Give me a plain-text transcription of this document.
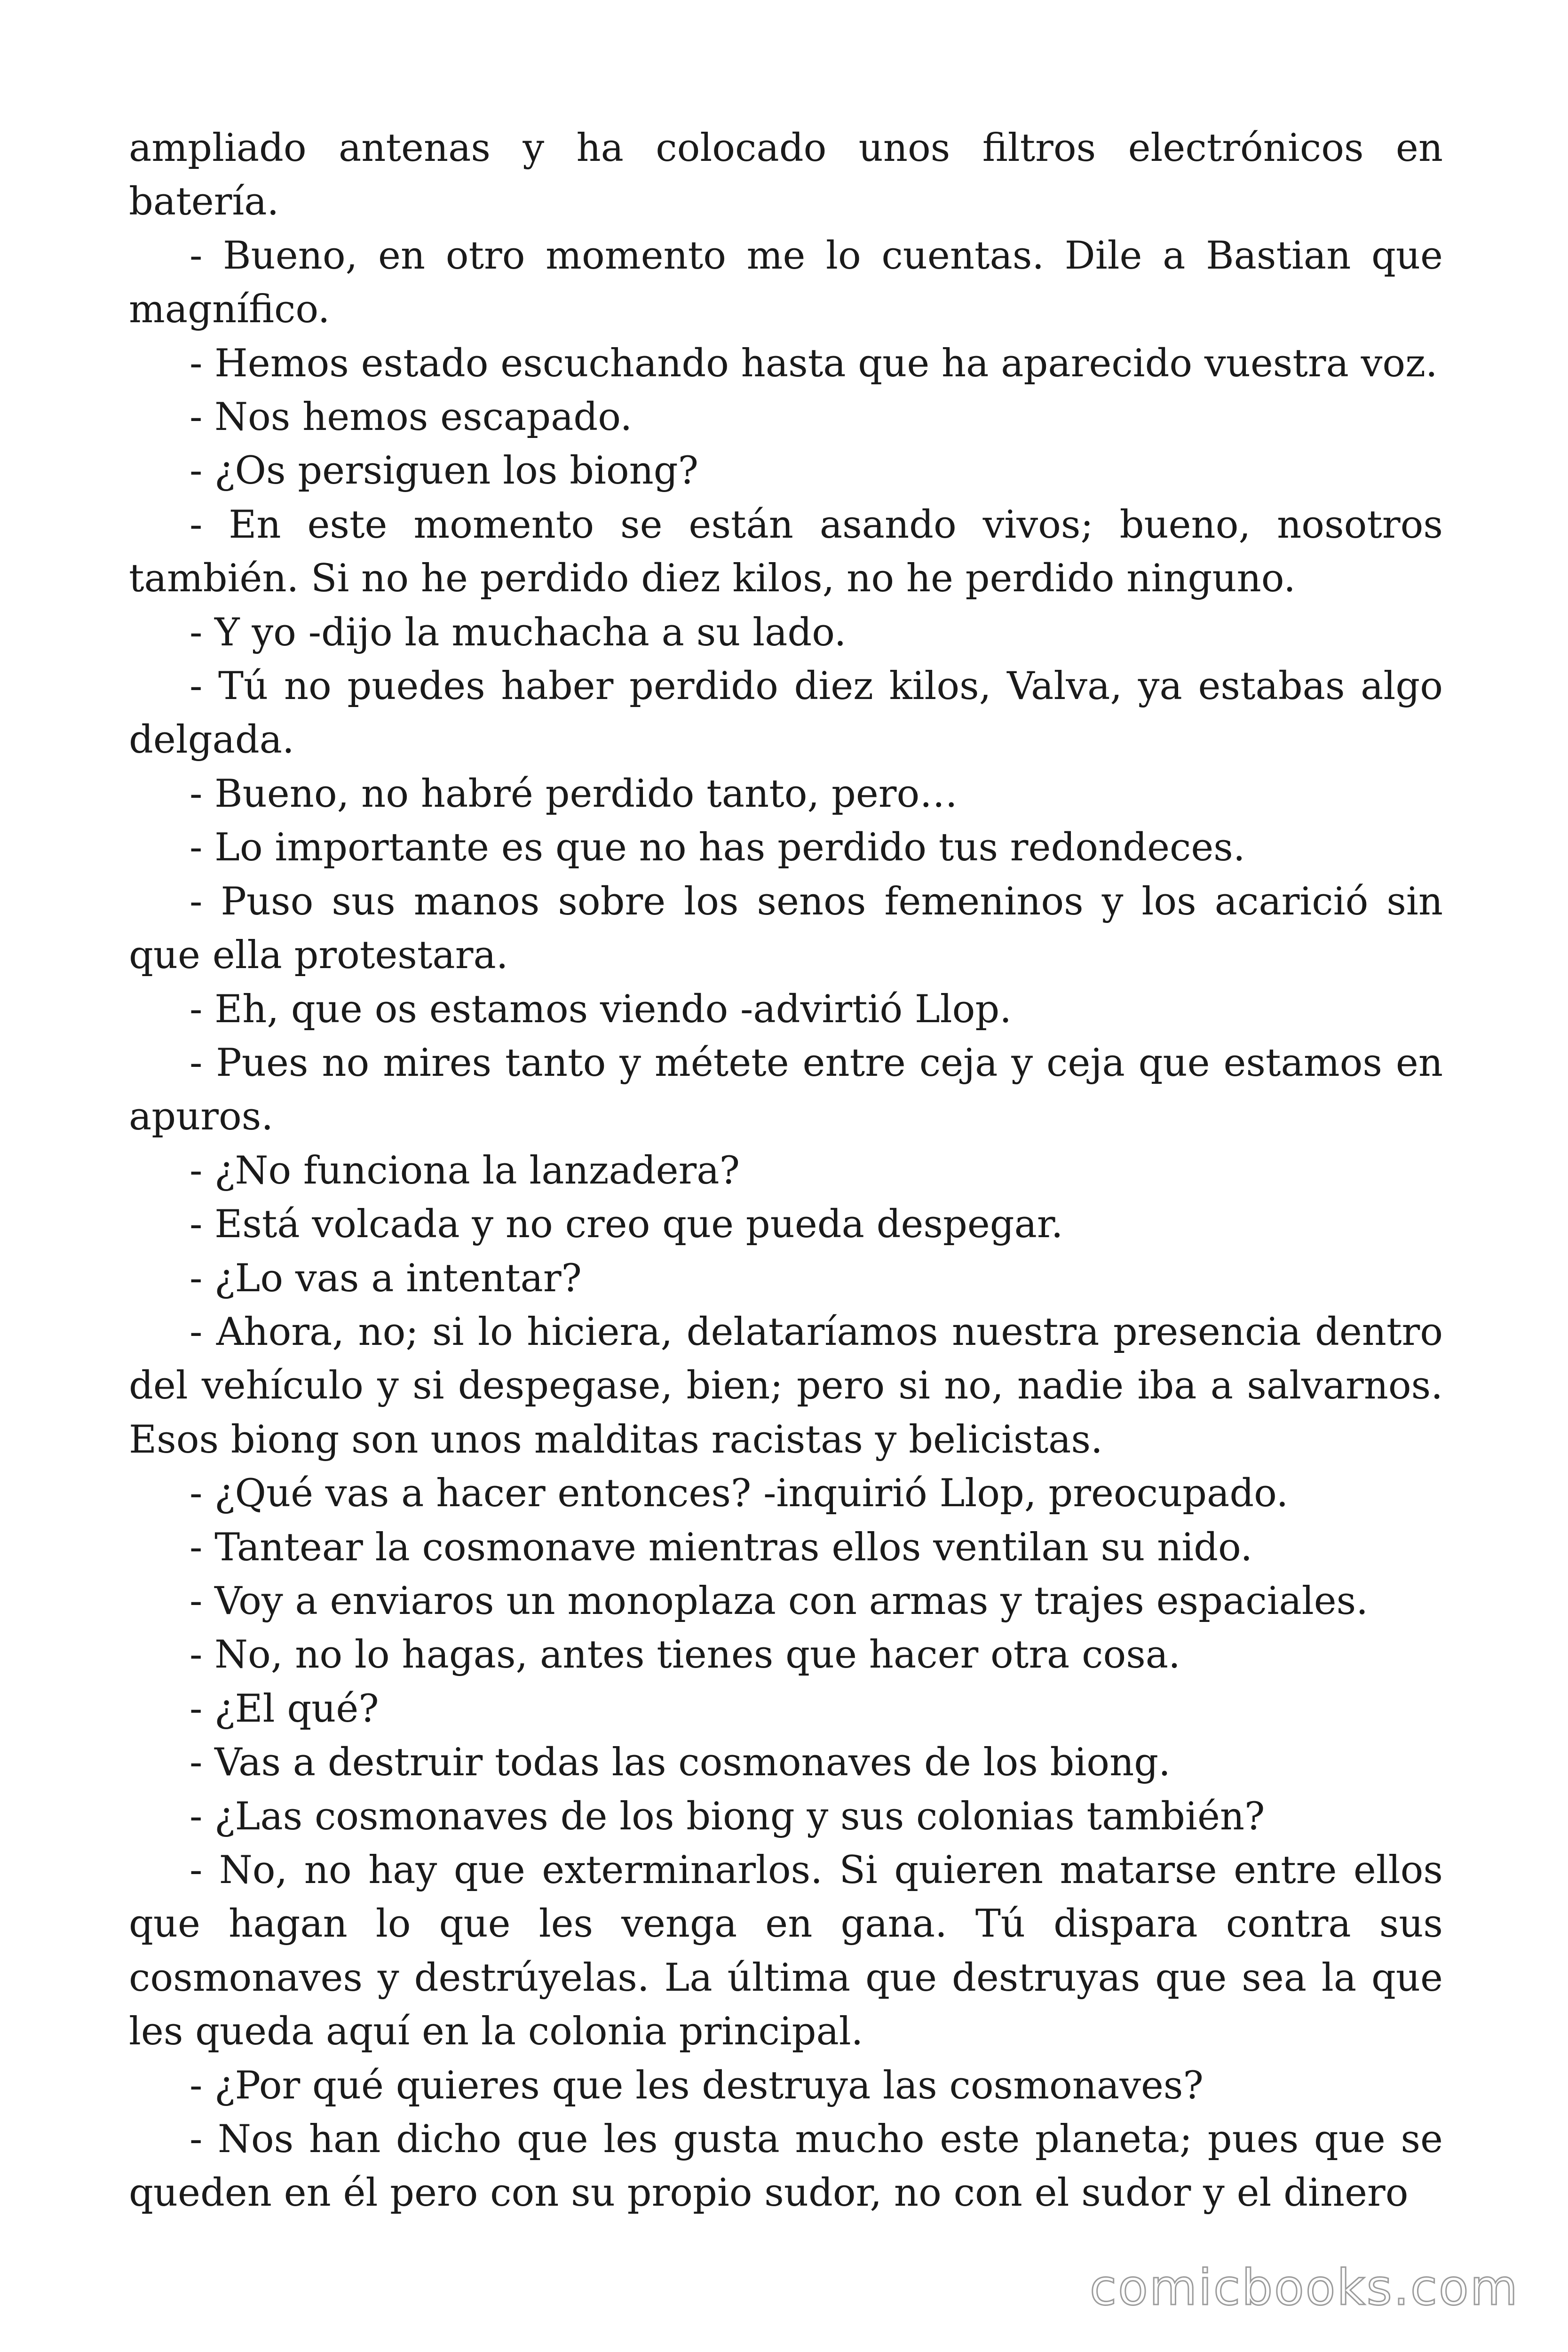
ampliado antenas y ha colocado unos filtros electrónicos en batería.

- Bueno, en otro momento me lo cuentas. Dile a Bastian que magnífico.

- Hemos estado escuchando hasta que ha aparecido vuestra voz.

- Nos hemos escapado.

- ¿Os persiguen los biong?

- En este momento se están asando vivos; bueno, nosotros también. Si no he perdido diez kilos, no he perdido ninguno.

- Y yo -dijo la muchacha a su lado.

- Tú no puedes haber perdido diez kilos, Valva, ya estabas algo delgada.

- Bueno, no habré perdido tanto, pero…

- Lo importante es que no has perdido tus redondeces.

- Puso sus manos sobre los senos femeninos y los acarició sin que ella protestara.

- Eh, que os estamos viendo -advirtió Llop.

- Pues no mires tanto y métete entre ceja y ceja que estamos en apuros.

- ¿No funciona la lanzadera?

- Está volcada y no creo que pueda despegar.

- ¿Lo vas a intentar?

- Ahora, no; si lo hiciera, delataríamos nuestra presencia dentro del vehículo y si despegase, bien; pero si no, nadie iba a salvarnos. Esos biong son unos malditas racistas y belicistas.

- ¿Qué vas a hacer entonces? -inquirió Llop, preocupado.

- Tantear la cosmonave mientras ellos ventilan su nido.

- Voy a enviaros un monoplaza con armas y trajes espaciales.

- No, no lo hagas, antes tienes que hacer otra cosa.

- ¿El qué?

- Vas a destruir todas las cosmonaves de los biong.

- ¿Las cosmonaves de los biong y sus colonias también?

- No, no hay que exterminarlos. Si quieren matarse entre ellos que hagan lo que les venga en gana. Tú dispara contra sus cosmonaves y destrúyelas. La última que destruyas que sea la que les queda aquí en la colonia principal.

- ¿Por qué quieres que les destruya las cosmonaves?

- Nos han dicho que les gusta mucho este planeta; pues que se queden en él pero con su propio sudor, no con el sudor y el dinero

comicbooks.com
